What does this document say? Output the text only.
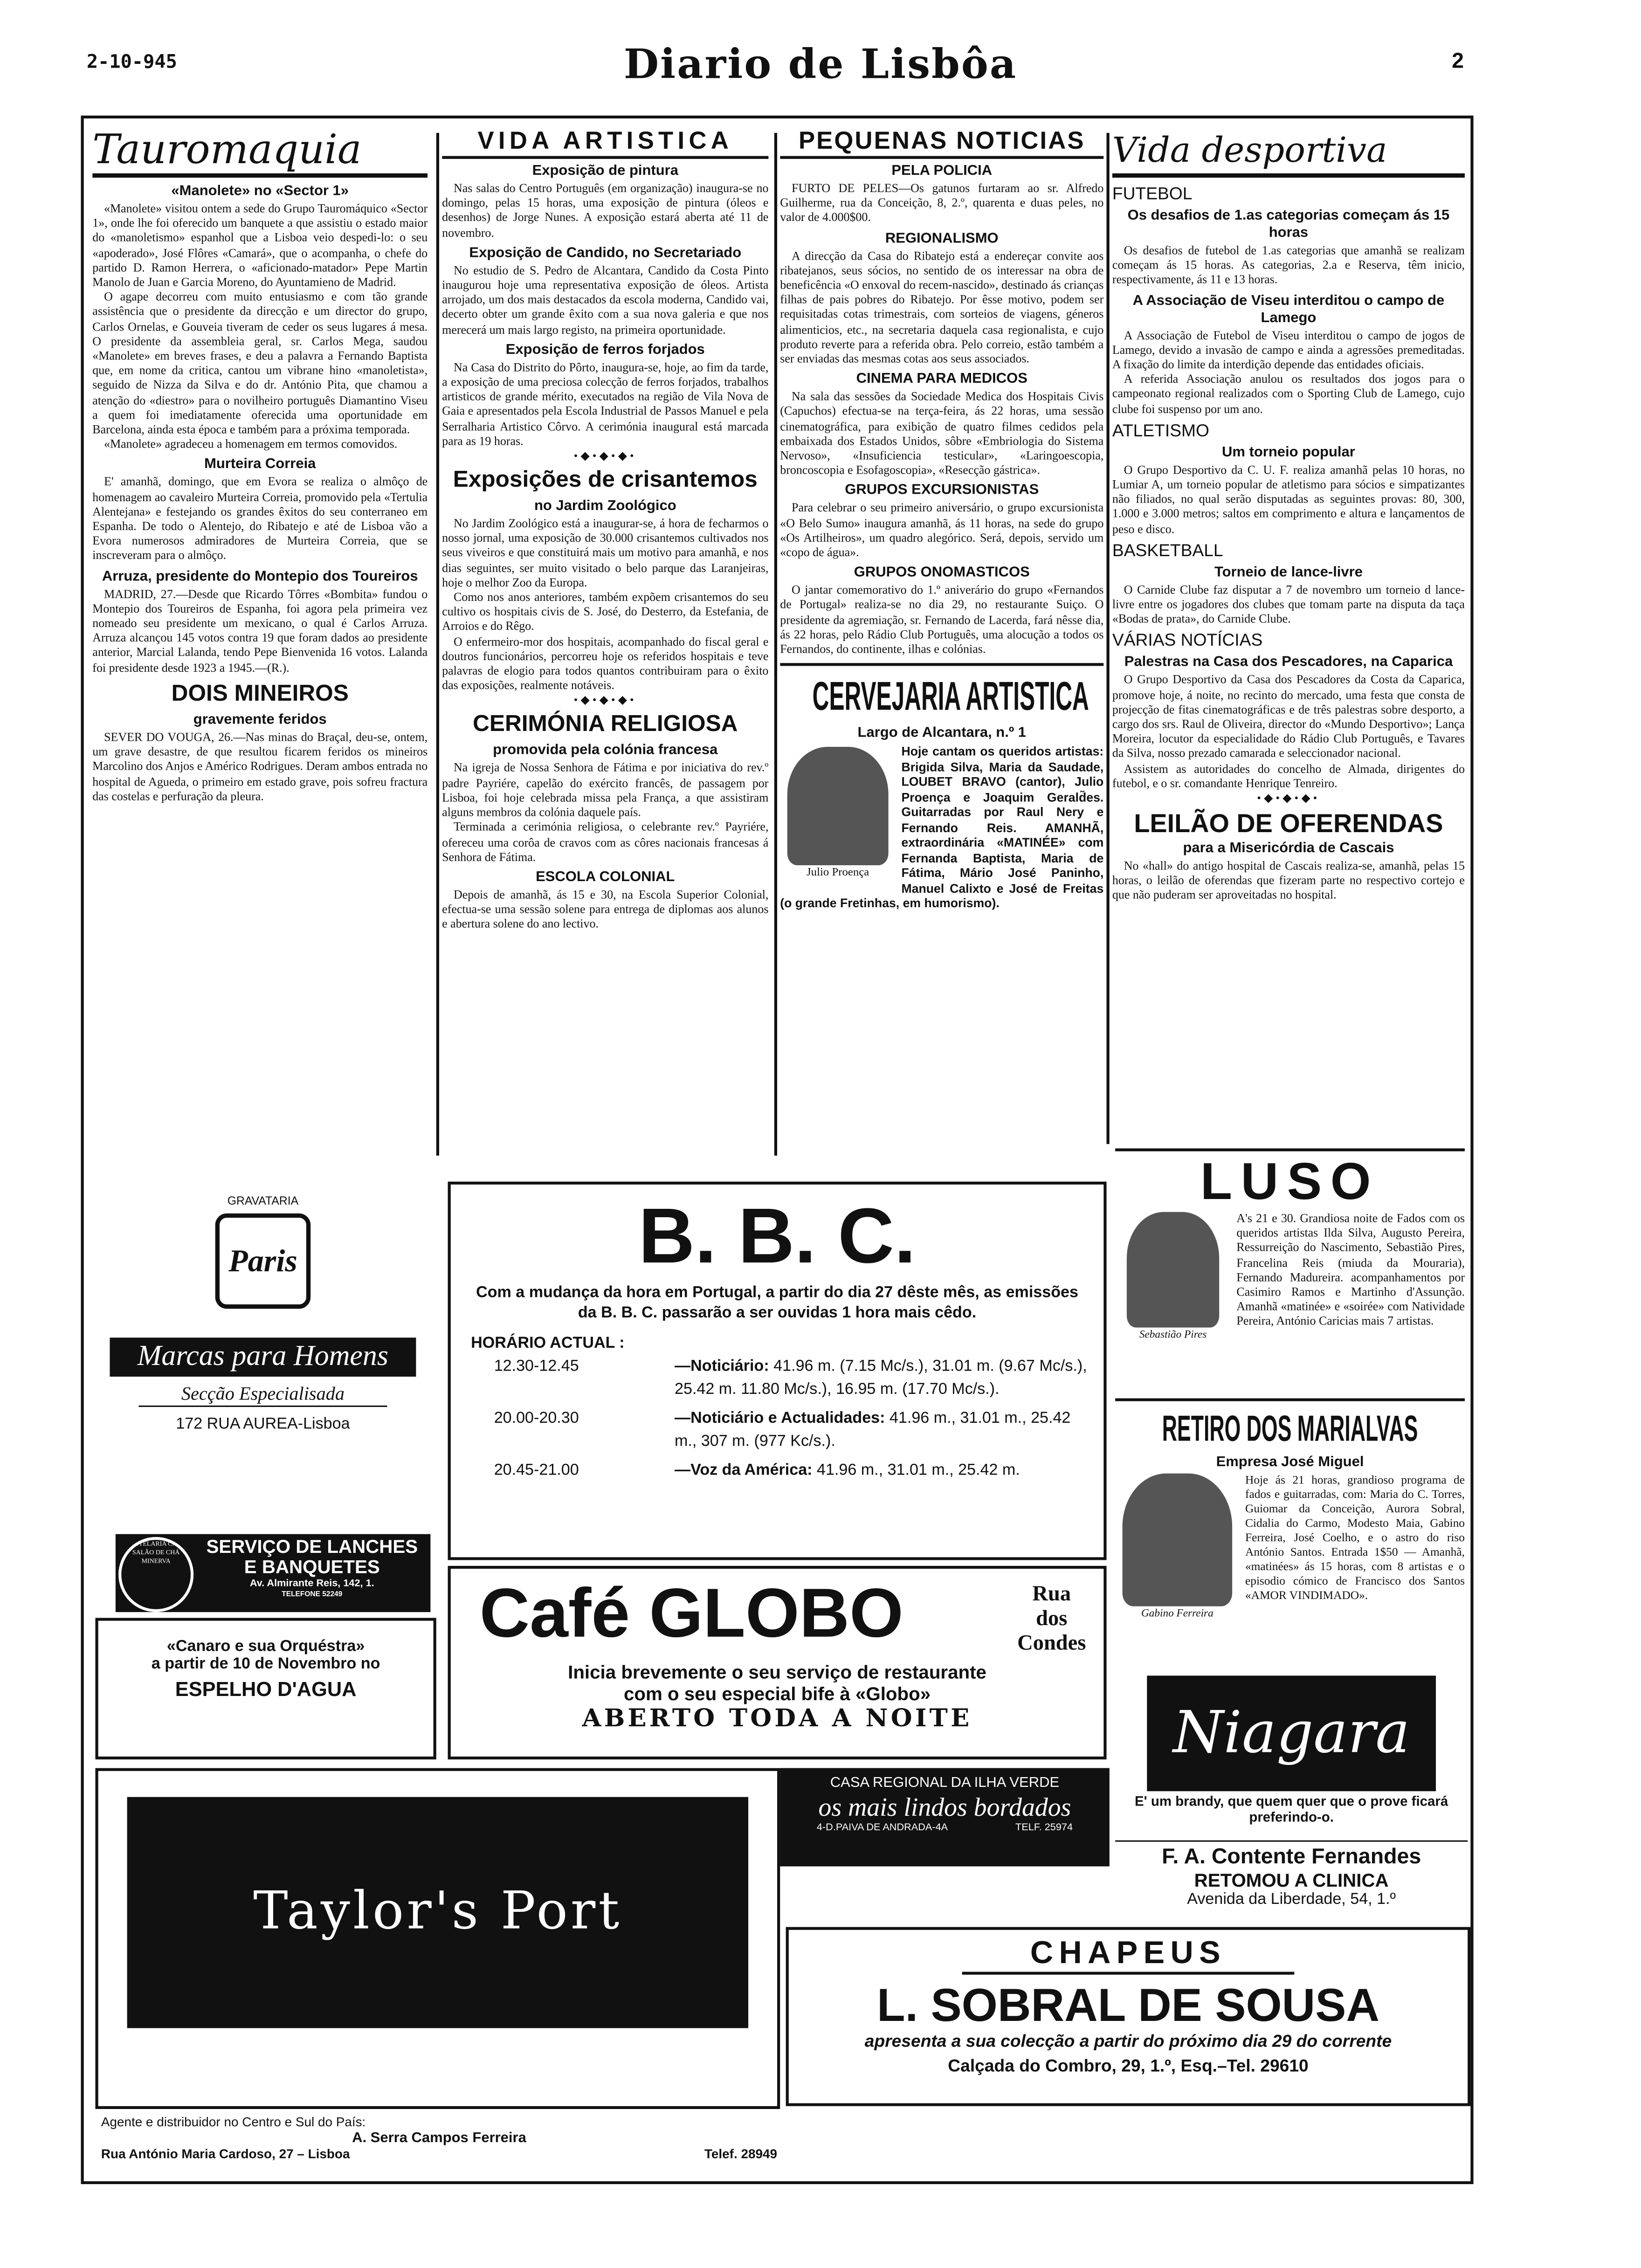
2-10-945	Diario de Lisbôa	2
Tauromaquia
«Manolete» no «Sector 1»

«Manolete» visitou ontem a sede do Grupo Tauromáquico «Sector 1», onde lhe foi oferecido um banquete a que assistiu o estado maior do «manoletismo» espanhol que a Lisboa veio despedi-lo: o seu «apoderado», José Flôres «Camará», que o acompanha, o chefe do partido D. Ramon Herrera, o «aficionado-matador» Pepe Martin Manolo de Juan e Garcia Moreno, do Ayuntamieno de Madrid.

O agape decorreu com muito entusiasmo e com tão grande assistência que o presidente da direcção e um director do grupo, Carlos Ornelas, e Gouveia tiveram de ceder os seus lugares á mesa. O presidente da assembleia geral, sr. Carlos Mega, saudou «Manolete» em breves frases, e deu a palavra a Fernando Baptista que, em nome da critica, cantou um vibrane hino «manoletista», seguido de Nizza da Silva e do dr. António Pita, que chamou a atenção do «diestro» para o novilheiro português Diamantino Viseu a quem foi imediatamente oferecida uma oportunidade em Barcelona, ainda esta época e também para a próxima temporada.

«Manolete» agradeceu a homenagem em termos comovidos.

Murteira Correia

E' amanhã, domingo, que em Evora se realiza o almôço de homenagem ao cavaleiro Murteira Correia, promovido pela «Tertulia Alentejana» e festejando os grandes êxitos do seu conterraneo em Espanha. De todo o Alentejo, do Ribatejo e até de Lisboa vão a Evora numerosos admiradores de Murteira Correia, que se inscreveram para o almôço.

Arruza, presidente do Montepio dos Toureiros

MADRID, 27.—Desde que Ricardo Tôrres «Bombita» fundou o Montepio dos Toureiros de Espanha, foi agora pela primeira vez nomeado seu presidente um mexicano, o qual é Carlos Arruza. Arruza alcançou 145 votos contra 19 que foram dados ao presidente anterior, Marcial Lalanda, tendo Pepe Bienvenida 16 votos. Lalanda foi presidente desde 1923 a 1945.—(R.).

DOIS MINEIROS
gravemente feridos

SEVER DO VOUGA, 26.—Nas minas do Braçal, deu-se, ontem, um grave desastre, de que resultou ficarem feridos os mineiros Marcolino dos Anjos e Américo Rodrigues. Deram ambos entrada no hospital de Agueda, o primeiro em estado grave, pois sofreu fractura das costelas e perfuração da pleura.

VIDA ARTISTICA
Exposição de pintura

Nas salas do Centro Português (em organização) inaugura-se no domingo, pelas 15 horas, uma exposição de pintura (óleos e desenhos) de Jorge Nunes. A exposição estará aberta até 11 de novembro.

Exposição de Candido, no Secretariado

No estudio de S. Pedro de Alcantara, Candido da Costa Pinto inaugurou hoje uma representativa exposição de óleos. Artista arrojado, um dos mais destacados da escola moderna, Candido vai, decerto obter um grande êxito com a sua nova galeria e que nos merecerá um mais largo registo, na primeira oportunidade.

Exposição de ferros forjados

Na Casa do Distrito do Pôrto, inaugura-se, hoje, ao fim da tarde, a exposição de uma preciosa colecção de ferros forjados, trabalhos artisticos de grande mérito, executados na região de Vila Nova de Gaia e apresentados pela Escola Industrial de Passos Manuel e pela Serralharia Artistico Côrvo. A cerimónia inaugural está marcada para as 19 horas.

•◆•◆•◆•
Exposições de crisantemos
no Jardim Zoológico

No Jardim Zoológico está a inaugurar-se, á hora de fecharmos o nosso jornal, uma exposição de 30.000 crisantemos cultivados nos seus viveiros e que constituirá mais um motivo para amanhã, e nos dias seguintes, ser muito visitado o belo parque das Laranjeiras, hoje o melhor Zoo da Europa.

Como nos anos anteriores, também expõem crisantemos do seu cultivo os hospitais civis de S. José, do Desterro, da Estefania, de Arroios e do Rêgo.

O enfermeiro-mor dos hospitais, acompanhado do fiscal geral e doutros funcionários, percorreu hoje os referidos hospitais e teve palavras de elogio para todos quantos contribuiram para o êxito das exposições, realmente notáveis.

•◆•◆•◆•
CERIMÓNIA RELIGIOSA
promovida pela colónia francesa

Na igreja de Nossa Senhora de Fátima e por iniciativa do rev.º padre Payriére, capelão do exército francês, de passagem por Lisboa, foi hoje celebrada missa pela França, a que assistiram alguns membros da colónia daquele país.

Terminada a cerimónia religiosa, o celebrante rev.º Payriére, ofereceu uma corôa de cravos com as côres nacionais francesas á Senhora de Fátima.

ESCOLA COLONIAL

Depois de amanhã, ás 15 e 30, na Escola Superior Colonial, efectua-se uma sessão solene para entrega de diplomas aos alunos e abertura solene do ano lectivo.

PEQUENAS NOTICIAS
PELA POLICIA

FURTO DE PELES—Os gatunos furtaram ao sr. Alfredo Guilherme, rua da Conceição, 8, 2.º, quarenta e duas peles, no valor de 4.000$00.

REGIONALISMO

A direcção da Casa do Ribatejo está a endereçar convite aos ribatejanos, seus sócios, no sentido de os interessar na obra de beneficência «O enxoval do recem-nascido», destinado ás crianças filhas de pais pobres do Ribatejo. Por êsse motivo, podem ser requisitadas cotas trimestrais, com sorteios de viagens, géneros alimenticios, etc., na secretaria daquela casa regionalista, e cujo produto reverte para a referida obra. Pelo correio, estão também a ser enviadas das mesmas cotas aos seus associados.

CINEMA PARA MEDICOS

Na sala das sessões da Sociedade Medica dos Hospitais Civis (Capuchos) efectua-se na terça-feira, ás 22 horas, uma sessão cinematográfica, para exibição de quatro filmes cedidos pela embaixada dos Estados Unidos, sôbre «Embriologia do Sistema Nervoso», «Insuficiencia testicular», «Laringoescopia, broncoscopia e Esofagoscopia», «Resecção gástrica».

GRUPOS EXCURSIONISTAS

Para celebrar o seu primeiro aniversário, o grupo excursionista «O Belo Sumo» inaugura amanhã, ás 11 horas, na sede do grupo «Os Artilheiros», um quadro alegórico. Será, depois, servido um «copo de água».

GRUPOS ONOMASTICOS

O jantar comemorativo do 1.º aniverário do grupo «Fernandos de Portugal» realiza-se no dia 29, no restaurante Suiço. O presidente da agremiação, sr. Fernando de Lacerda, fará nêsse dia, ás 22 horas, pelo Rádio Club Português, uma alocução a todos os Fernandos, do continente, ilhas e colónias.

CERVEJARIA ARTISTICA
Largo de Alcantara, n.º 1
Julio Proença
Hoje cantam os queridos artistas: Brigida Silva, Maria da Saudade, LOUBET BRAVO (cantor), Julio Proença e Joaquim Gerald̃es. Guitarradas por Raul Nery e Fernando Reis. AMANHÃ, extraordinária «MATINÉE» com Fernanda Baptista, Maria de Fátima, Mário José Paninho, Manuel Calixto e José de Freitas (o grande Fretinhas, em humorismo).
Vida desportiva
FUTEBOL
Os desafios de 1.as categorias começam ás 15 horas

Os desafios de futebol de 1.as categorias que amanhã se realizam começam ás 15 horas. As categorias, 2.a e Reserva, têm inicio, respectivamente, ás 11 e 13 horas.

A Associação de Viseu interditou o campo de Lamego

A Associação de Futebol de Viseu interditou o campo de jogos de Lamego, devido a invasão de campo e ainda a agressões premeditadas. A fixação do limite da interdição depende das entidades oficiais.

A referida Associação anulou os resultados dos jogos para o campeonato regional realizados com o Sporting Club de Lamego, cujo clube foi suspenso por um ano.

ATLETISMO
Um torneio popular

O Grupo Desportivo da C. U. F. realiza amanhã pelas 10 horas, no Lumiar A, um torneio popular de atletismo para sócios e simpatizantes não filiados, no qual serão disputadas as seguintes provas: 80, 300, 1.000 e 3.000 metros; saltos em comprimento e altura e lançamentos de peso e disco.

BASKETBALL
Torneio de lance-livre

O Carnide Clube faz disputar a 7 de novembro um torneio d lance-livre entre os jogadores dos clubes que tomam parte na disputa da taça «Bodas de prata», do Carnide Clube.

VÁRIAS NOTÍCIAS
Palestras na Casa dos Pescadores, na Caparica

O Grupo Desportivo da Casa dos Pescadores da Costa da Caparica, promove hoje, á noite, no recinto do mercado, uma festa que consta de projecção de fitas cinematográficas e de três palestras sobre desporto, a cargo dos srs. Raul de Oliveira, director do «Mundo Desportivo»; Lança Moreira, locutor da especialidade do Rádio Club Português, e Tavares da Silva, nosso prezado camarada e seleccionador nacional.

Assistem as autoridades do concelho de Almada, dirigentes do futebol, e o sr. comandante Henrique Tenreiro.

•◆•◆•◆•
LEILÃO DE OFERENDAS
para a Misericórdia de Cascais

No «hall» do antigo hospital de Cascais realiza-se, amanhã, pelas 15 horas, o leilão de oferendas que fizeram parte no respectivo cortejo e que não puderam ser aproveitadas no hospital.

GRAVATARIA
Paris
Marcas para Homens
Secção Especialisada
172 RUA AUREA-Lisboa
PASTELARIA CAFÉ SALÃO DE CHÁ MINERVA
SERVIÇO DE LANCHES
E BANQUETES
Av. Almirante Reis, 142, 1.
TELEFONE 52249
«Canaro e sua Orquéstra»
a partir de 10 de Novembro no
ESPELHO D'AGUA
B. B. C.
Com a mudança da hora em Portugal, a partir do dia 27 dêste mês, as emissões da B. B. C. passarão a ser ouvidas 1 hora mais cêdo.
HORÁRIO ACTUAL :
12.30-12.45	—Noticiário: 41.96 m. (7.15 Mc/s.), 31.01 m. (9.67 Mc/s.), 25.42 m. 11.80 Mc/s.), 16.95 m. (17.70 Mc/s.).
20.00-20.30	—Noticiário e Actualidades: 41.96 m., 31.01 m., 25.42 m., 307 m. (977 Kc/s.).
20.45-21.00	—Voz da América: 41.96 m., 31.01 m., 25.42 m.
Café GLOBO	Rua
dos Condes
Inicia brevemente o seu serviço de restaurante
com o seu especial bife à «Globo»
ABERTO TODA A NOITE
Taylor's Port
Agente e distribuidor no Centro e Sul do País:
A. Serra Campos Ferreira
Rua António Maria Cardoso, 27 – Lisboa	Telef. 28949
CASA REGIONAL DA ILHA VERDE
os mais lindos bordados
4-D.PAIVA DE ANDRADA-4A	TELF. 25974
LUSO
Sebastião Pires
A's 21 e 30. Grandiosa noite de Fados com os queridos artistas Ilda Silva, Augusto Pereira, Ressurreição do Nascimento, Sebastião Pires, Francelina Reis (miuda da Mouraria), Fernando Madureira. acompanhamentos por Casimiro Ramos e Martinho d'Assunção. Amanhã «matinée» e «soirée» com Natividade Pereira, António Caricias mais 7 artistas.
RETIRO DOS MARIALVAS
Empresa José Miguel
Gabino Ferreira
Hoje ás 21 horas, grandioso programa de fados e guitarradas, com: Maria do C. Torres, Guiomar da Conceição, Aurora Sobral, Cidalia do Carmo, Modesto Maia, Gabino Ferreira, José Coelho, e o astro do riso António Santos. Entrada 1$50 — Amanhã, «matinées» ás 15 horas, com 8 artistas e o episodio cómico de Francisco dos Santos «AMOR VINDIMADO».
Niagara
E' um brandy, que quem quer que o prove ficará preferindo-o.
F. A. Contente Fernandes
RETOMOU A CLINICA
Avenida da Liberdade, 54, 1.º
CHAPEUS
L. SOBRAL DE SOUSA
apresenta a sua colecção a partir do próximo dia 29 do corrente
Calçada do Combro, 29, 1.º, Esq.–Tel. 29610
